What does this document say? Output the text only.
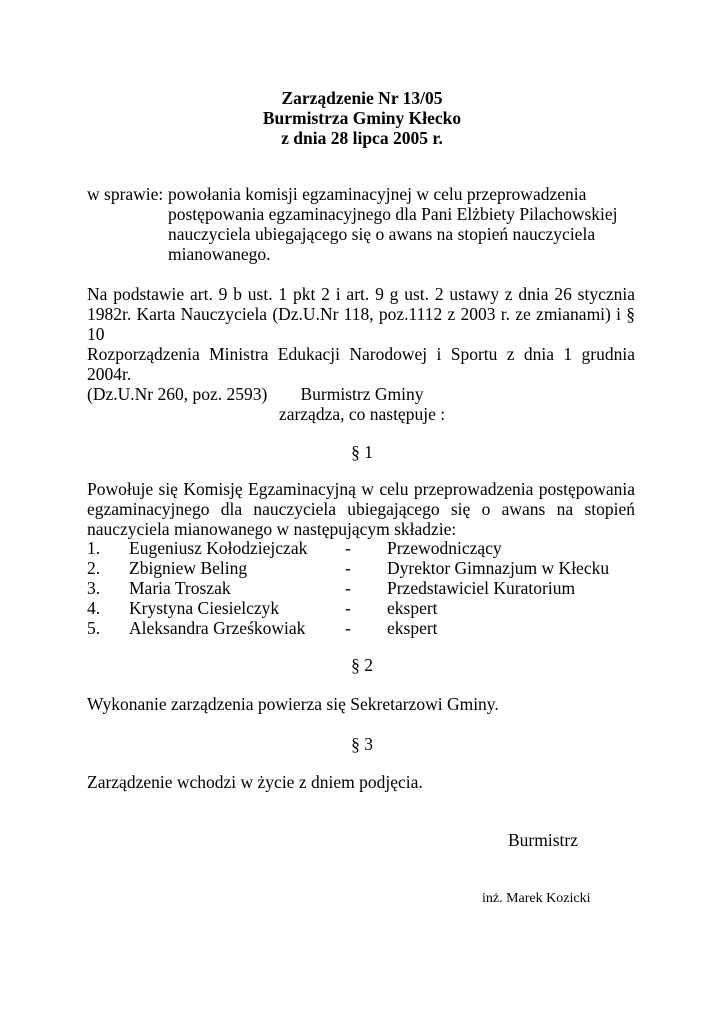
Zarządzenie Nr 13/05
Burmistrza Gminy Kłecko
z dnia 28 lipca 2005 r.
w sprawie: powołania komisji egzaminacyjnej w celu przeprowadzenia
postępowania egzaminacyjnego dla Pani Elżbiety Pilachowskiej
nauczyciela ubiegającego się o awans na stopień nauczyciela
mianowanego.
Na podstawie art. 9 b ust. 1 pkt 2 i art. 9 g ust. 2 ustawy z dnia 26 stycznia
1982r. Karta Nauczyciela (Dz.U.Nr 118, poz.1112 z 2003 r. ze zmianami) i § 10
Rozporządzenia Ministra Edukacji Narodowej i Sportu z dnia 1 grudnia 2004r.
(Dz.U.Nr 260, poz. 2593)	Burmistrz Gminy
zarządza, co następuje :
§ 1
Powołuje się Komisję Egzaminacyjną w celu przeprowadzenia postępowania
egzaminacyjnego dla nauczyciela ubiegającego się o awans na stopień
nauczyciela mianowanego w następującym składzie:
1. Eugeniusz Kołodziejczak - Przewodniczący
2. Zbigniew Beling	- Dyrektor Gimnazjum w Kłecku
3. Maria Troszak	- Przedstawiciel Kuratorium
4. Krystyna Ciesielczyk	- ekspert
5. Aleksandra Grześkowiak - ekspert
§ 2
Wykonanie zarządzenia powierza się Sekretarzowi Gminy.
§ 3
Zarządzenie wchodzi w życie z dniem podjęcia.
Burmistrz
inż. Marek Kozicki
